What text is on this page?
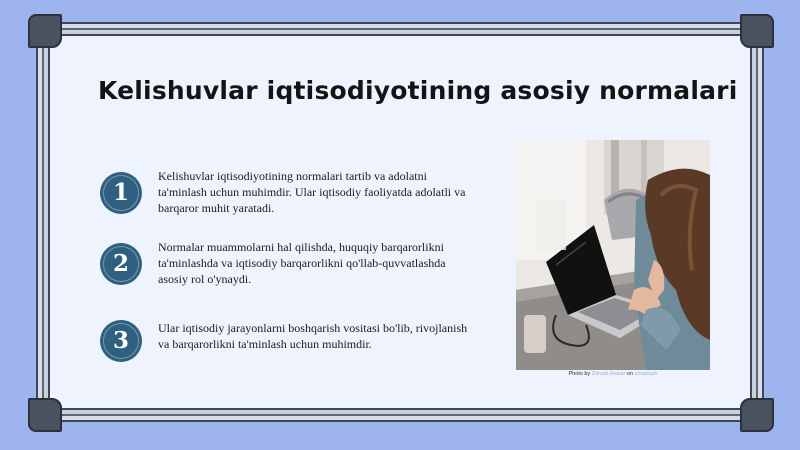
Kelishuvlar iqtisodiyotining asosiy normalari
1
Kelishuvlar iqtisodiyotining normalari tartib va adolatni ta'minlash uchun muhimdir. Ular iqtisodiy faoliyatda adolatli va barqaror muhit yaratadi.
2
Normalar muammolarni hal qilishda, huquqiy barqarorlikni ta'minlashda va iqtisodiy barqarorlikni qo'llab-quvvatlashda asosiy rol o'ynaydi.
3	Ular iqtisodiy jarayonlarni boshqarish vositasi bo'lib, rivojlanish va barqarorlikni ta'minlash uchun muhimdir.
Photo by Zohaib Anwar on Unsplash
